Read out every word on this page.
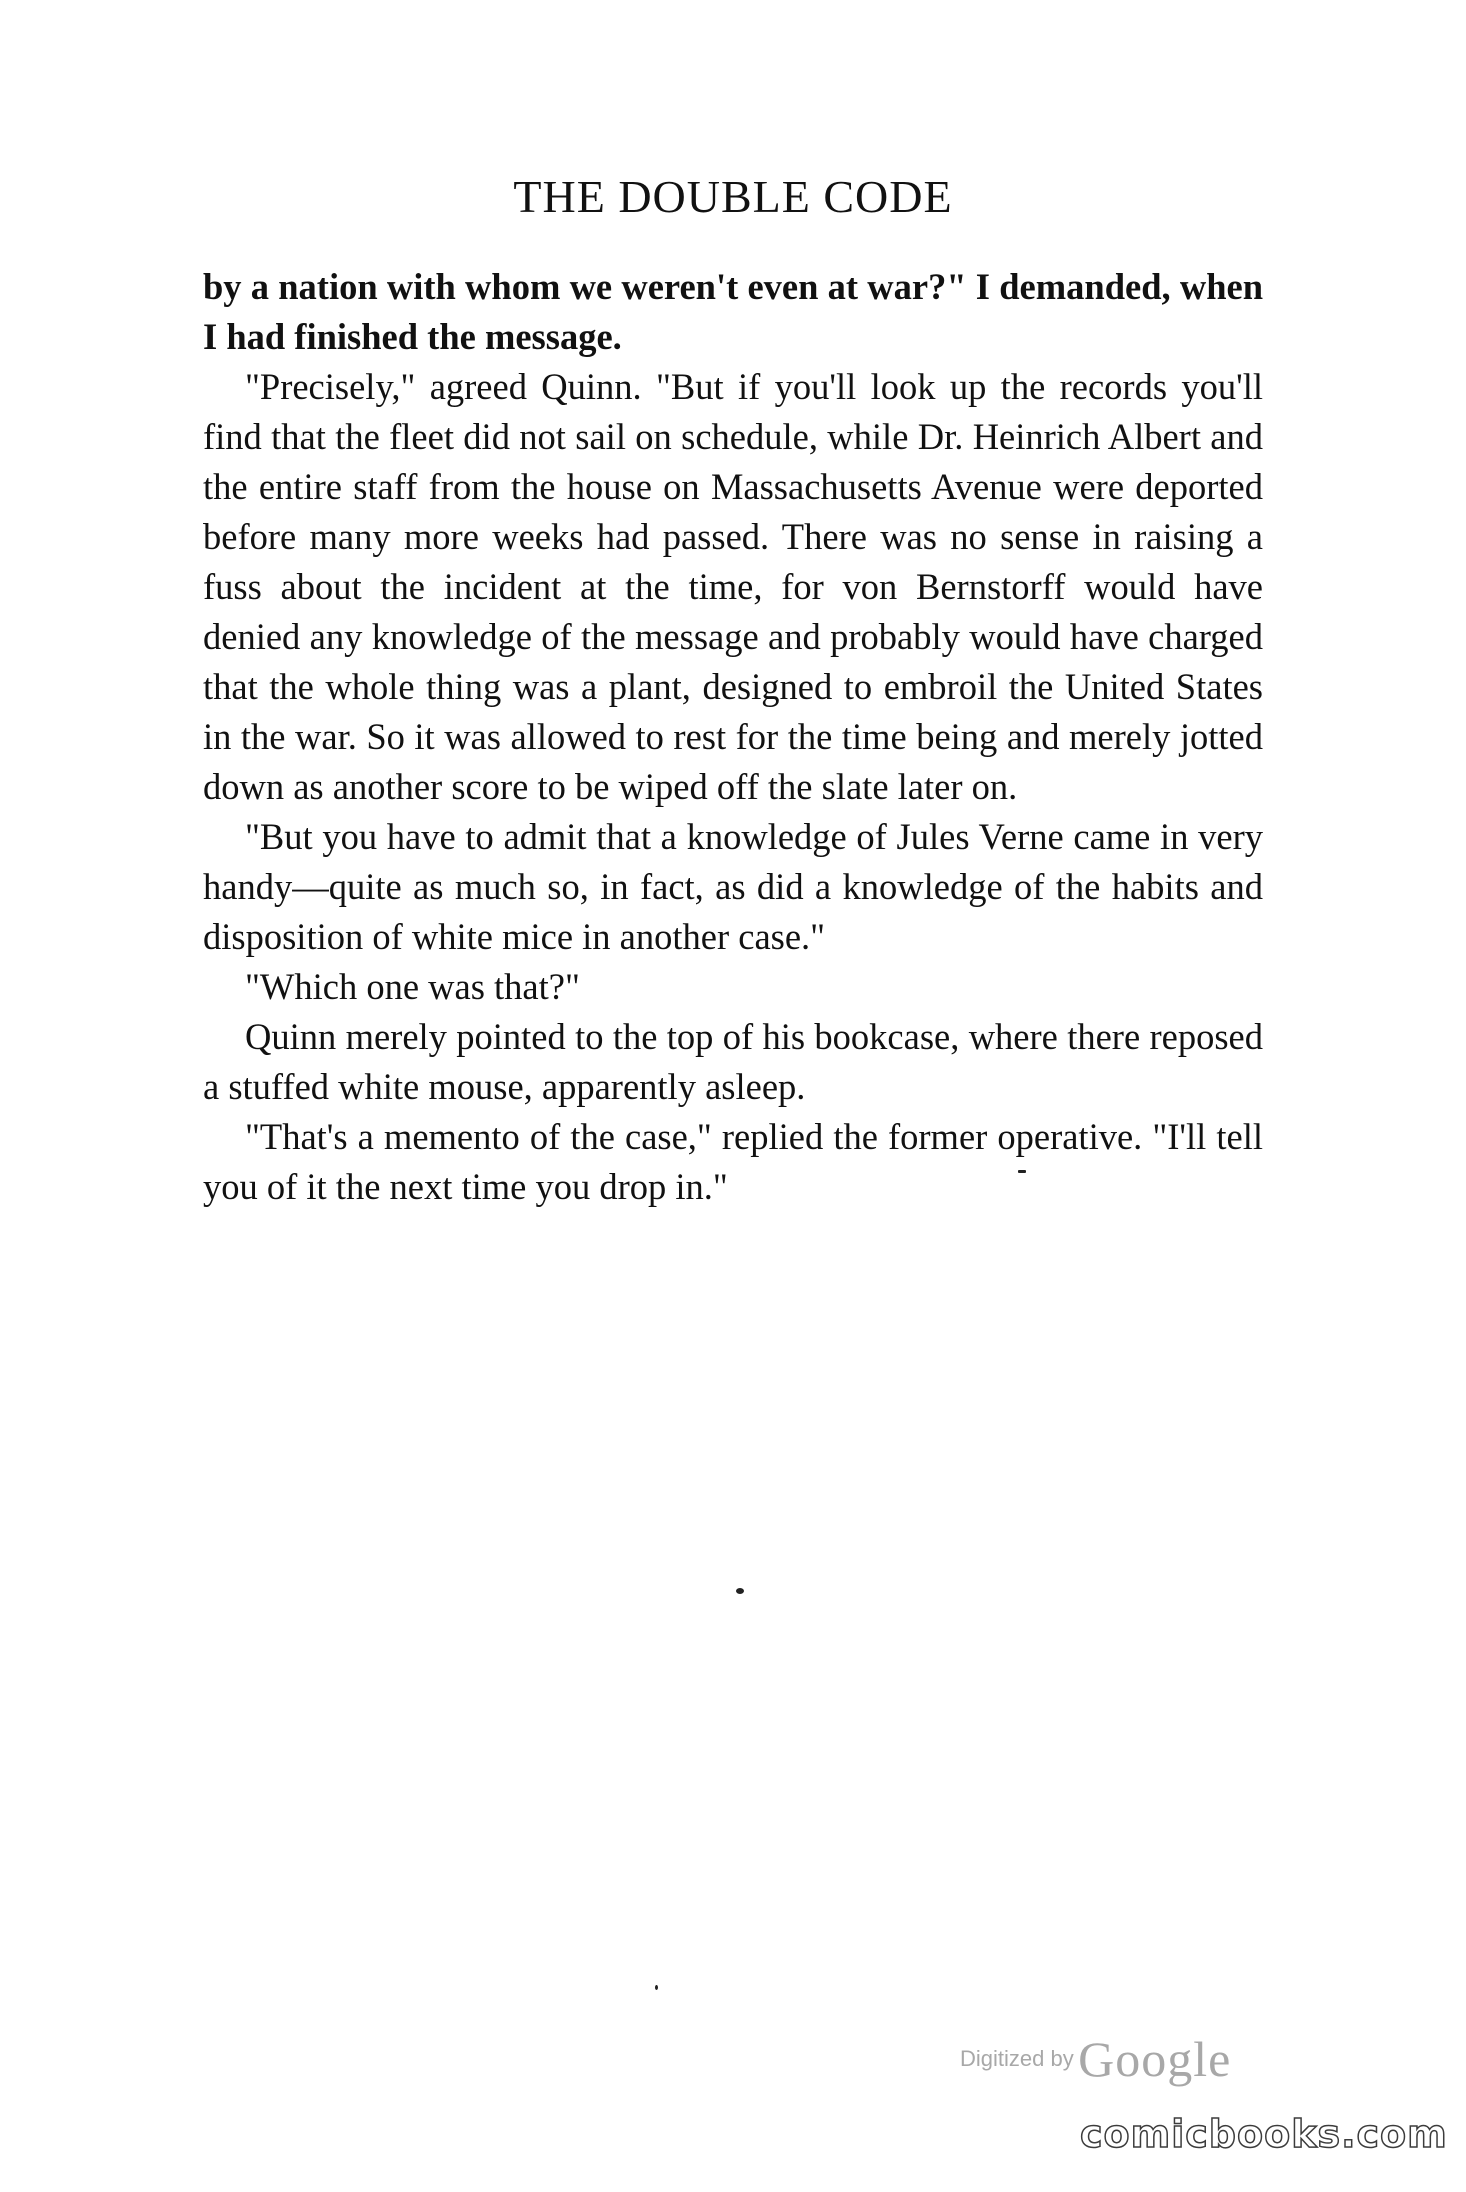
THE DOUBLE CODE

by a nation with whom we weren't even at war?" I demanded, when I had finished the message.

"Precisely," agreed Quinn. "But if you'll look up the records you'll find that the fleet did not sail on schedule, while Dr. Heinrich Albert and the entire staff from the house on Massachusetts Avenue were deported before many more weeks had passed. There was no sense in raising a fuss about the incident at the time, for von Bernstorff would have denied any knowledge of the message and probably would have charged that the whole thing was a plant, designed to embroil the United States in the war. So it was allowed to rest for the time being and merely jotted down as another score to be wiped off the slate later on.

"But you have to admit that a knowledge of Jules Verne came in very handy—quite as much so, in fact, as did a knowledge of the habits and disposition of white mice in another case."

"Which one was that?"

Quinn merely pointed to the top of his bookcase, where there reposed a stuffed white mouse, apparently asleep.

"That's a memento of the case," replied the former operative. "I'll tell you of it the next time you drop in."

Digitized by Google
comicbooks.com
